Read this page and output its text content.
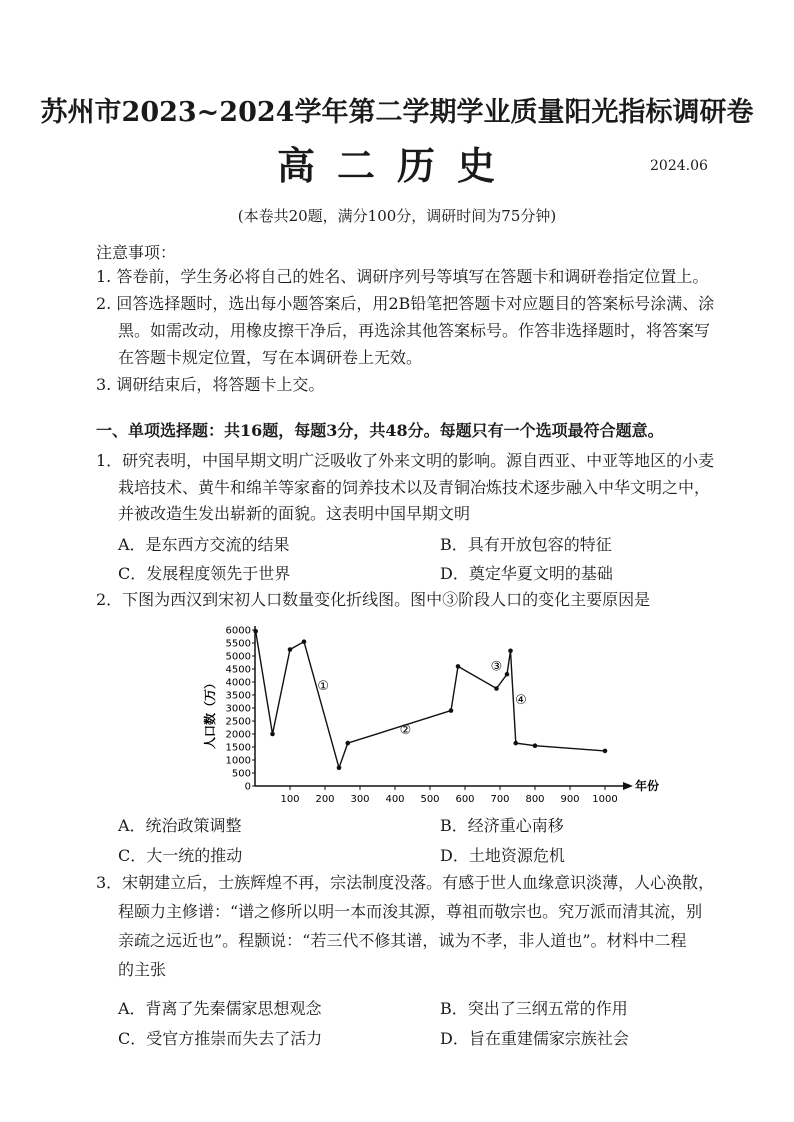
苏州市2023~2024学年第二学期学业质量阳光指标调研卷
高二历史	2024.06
(本卷共20题，满分100分，调研时间为75分钟)
注意事项：
1. 答卷前，学生务必将自己的姓名、调研序列号等填写在答题卡和调研卷指定位置上。
2. 回答选择题时，选出每小题答案后，用2B铅笔把答题卡对应题目的答案标号涂满、涂
黑。如需改动，用橡皮擦干净后，再选涂其他答案标号。作答非选择题时，将答案写
在答题卡规定位置，写在本调研卷上无效。
3. 调研结束后，将答题卡上交。
一、单项选择题：共16题，每题3分，共48分。每题只有一个选项最符合题意。
1．研究表明，中国早期文明广泛吸收了外来文明的影响。源自西亚、中亚等地区的小麦
栽培技术、黄牛和绵羊等家畜的饲养技术以及青铜冶炼技术逐步融入中华文明之中，
并被改造生发出崭新的面貌。这表明中国早期文明
A．是东西方交流的结果	B．具有开放包容的特征
C．发展程度领先于世界	D．奠定华夏文明的基础
2．下图为西汉到宋初人口数量变化折线图。图中③阶段人口的变化主要原因是
年份
人口数（万）
100 200 300 400 500 600 700 800 900 1000
0
500
1000
1500
2000
2500
3000
3500
4000
4500
5000
5500
6000
①
②
③
④
A．统治政策调整	B．经济重心南移
C．大一统的推动	D．土地资源危机
3．宋朝建立后，士族辉煌不再，宗法制度没落。有感于世人血缘意识淡薄，人心涣散，
程颐力主修谱：“谱之修所以明一本而浚其源，尊祖而敬宗也。究万派而清其流，别
亲疏之远近也”。程颢说：“若三代不修其谱，诚为不孝，非人道也”。材料中二程
的主张
A．背离了先秦儒家思想观念	B．突出了三纲五常的作用
C．受官方推崇而失去了活力	D．旨在重建儒家宗族社会
